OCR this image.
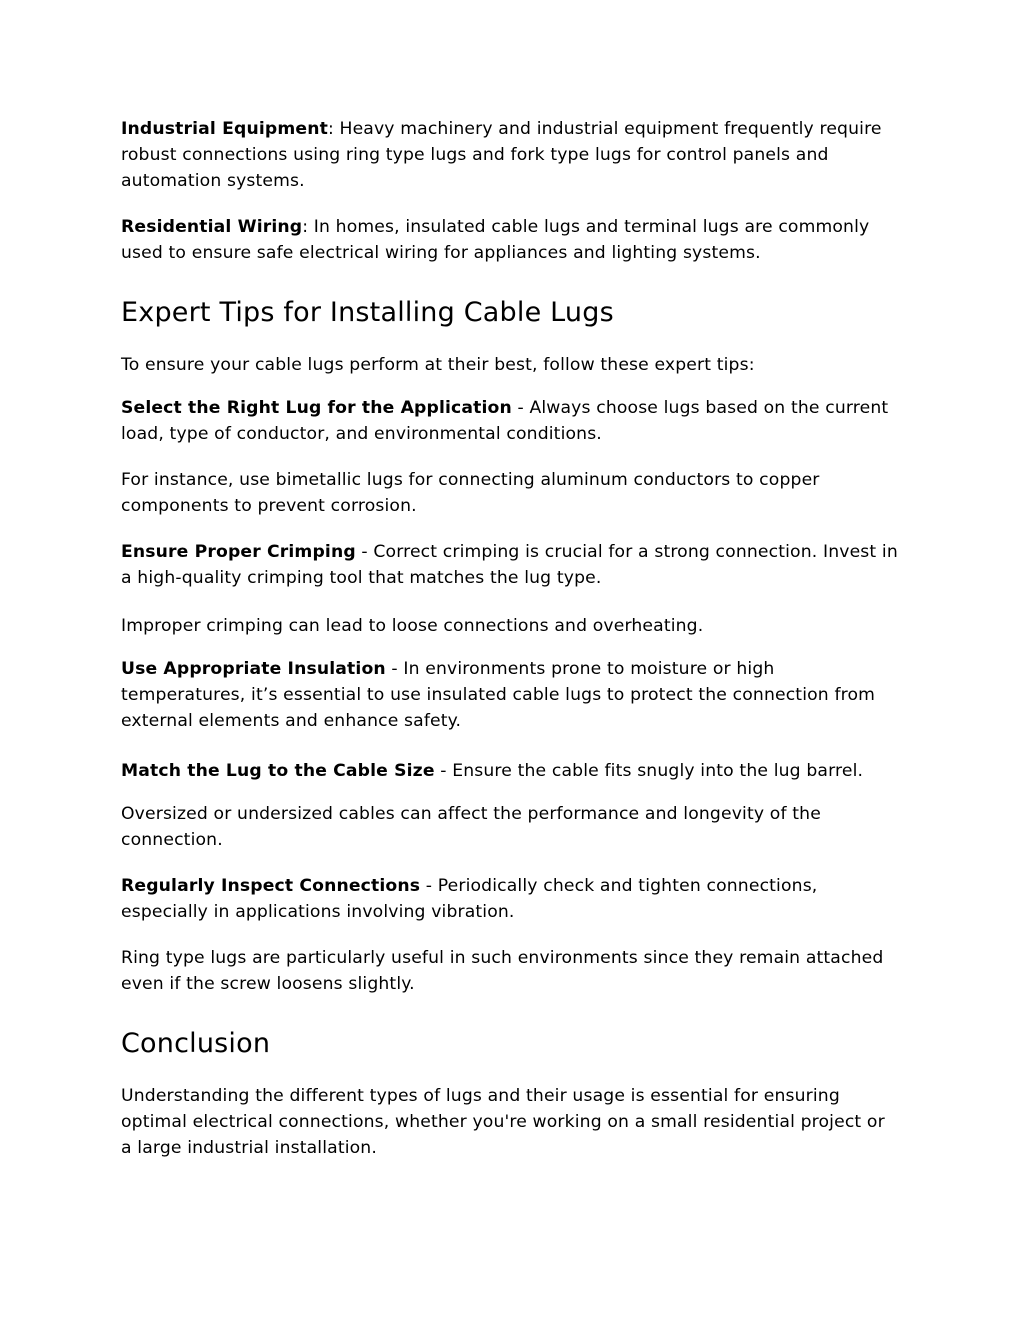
Industrial Equipment: Heavy machinery and industrial equipment frequently require robust connections using ring type lugs and fork type lugs for control panels and automation systems.

Residential Wiring: In homes, insulated cable lugs and terminal lugs are commonly used to ensure safe electrical wiring for appliances and lighting systems.

Expert Tips for Installing Cable Lugs

To ensure your cable lugs perform at their best, follow these expert tips:

Select the Right Lug for the Application - Always choose lugs based on the current load, type of conductor, and environmental conditions.

For instance, use bimetallic lugs for connecting aluminum conductors to copper components to prevent corrosion.

Ensure Proper Crimping - Correct crimping is crucial for a strong connection. Invest in a high-quality crimping tool that matches the lug type.

Improper crimping can lead to loose connections and overheating.

Use Appropriate Insulation - In environments prone to moisture or high temperatures, it’s essential to use insulated cable lugs to protect the connection from external elements and enhance safety.

Match the Lug to the Cable Size - Ensure the cable fits snugly into the lug barrel.

Oversized or undersized cables can affect the performance and longevity of the connection.

Regularly Inspect Connections - Periodically check and tighten connections, especially in applications involving vibration.

Ring type lugs are particularly useful in such environments since they remain attached even if the screw loosens slightly.

Conclusion

Understanding the different types of lugs and their usage is essential for ensuring optimal electrical connections, whether you're working on a small residential project or a large industrial installation.
